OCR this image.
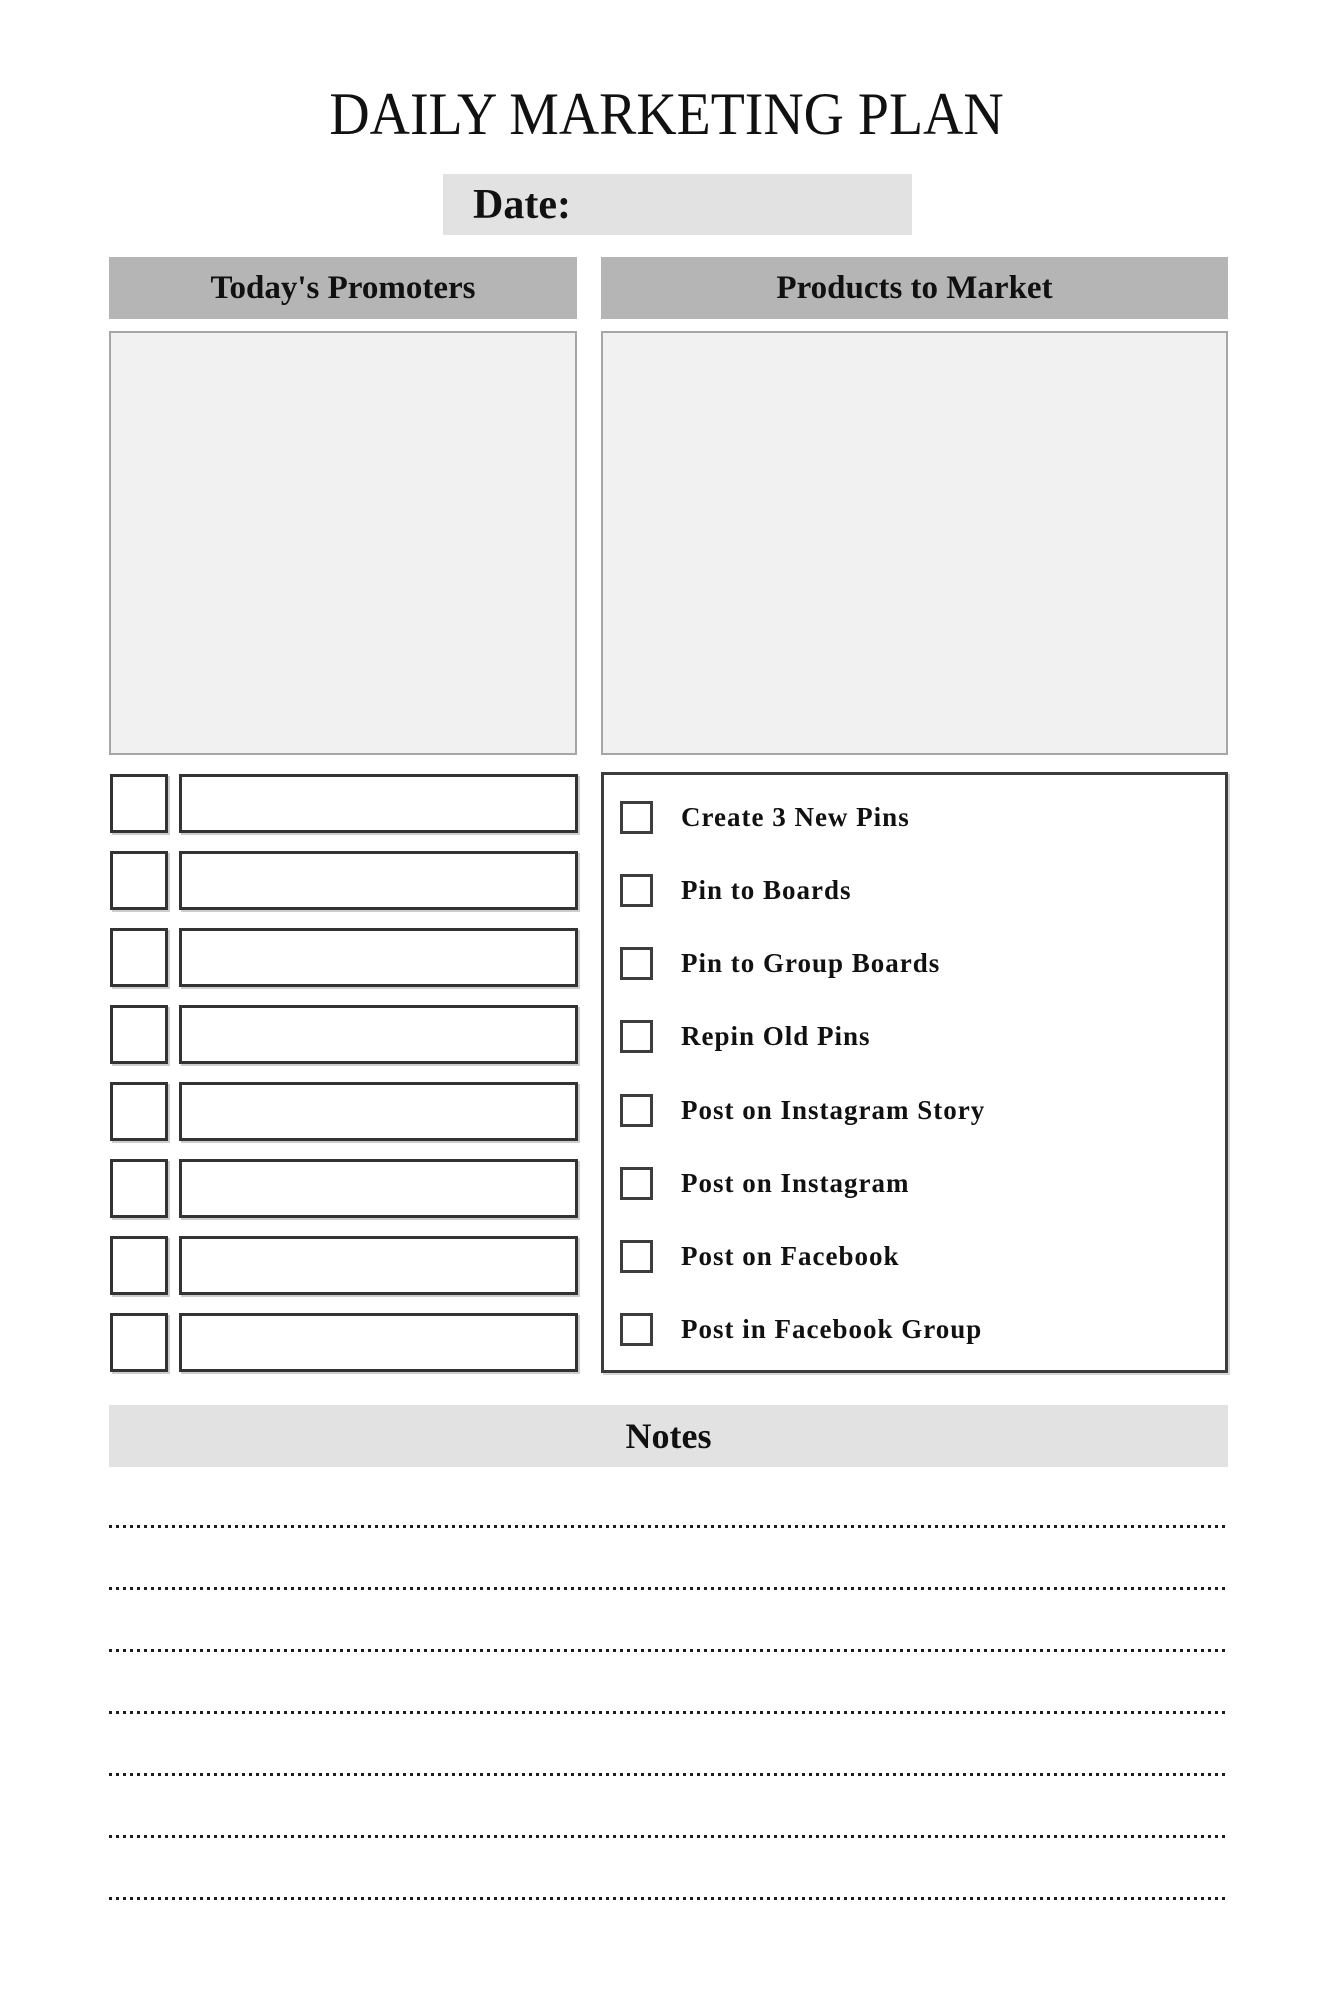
DAILY MARKETING PLAN
Date:
Today's Promoters	Products to Market
Create 3 New Pins
Pin to Boards
Pin to Group Boards
Repin Old Pins
Post on Instagram Story
Post on Instagram
Post on Facebook
Post in Facebook Group
Notes
